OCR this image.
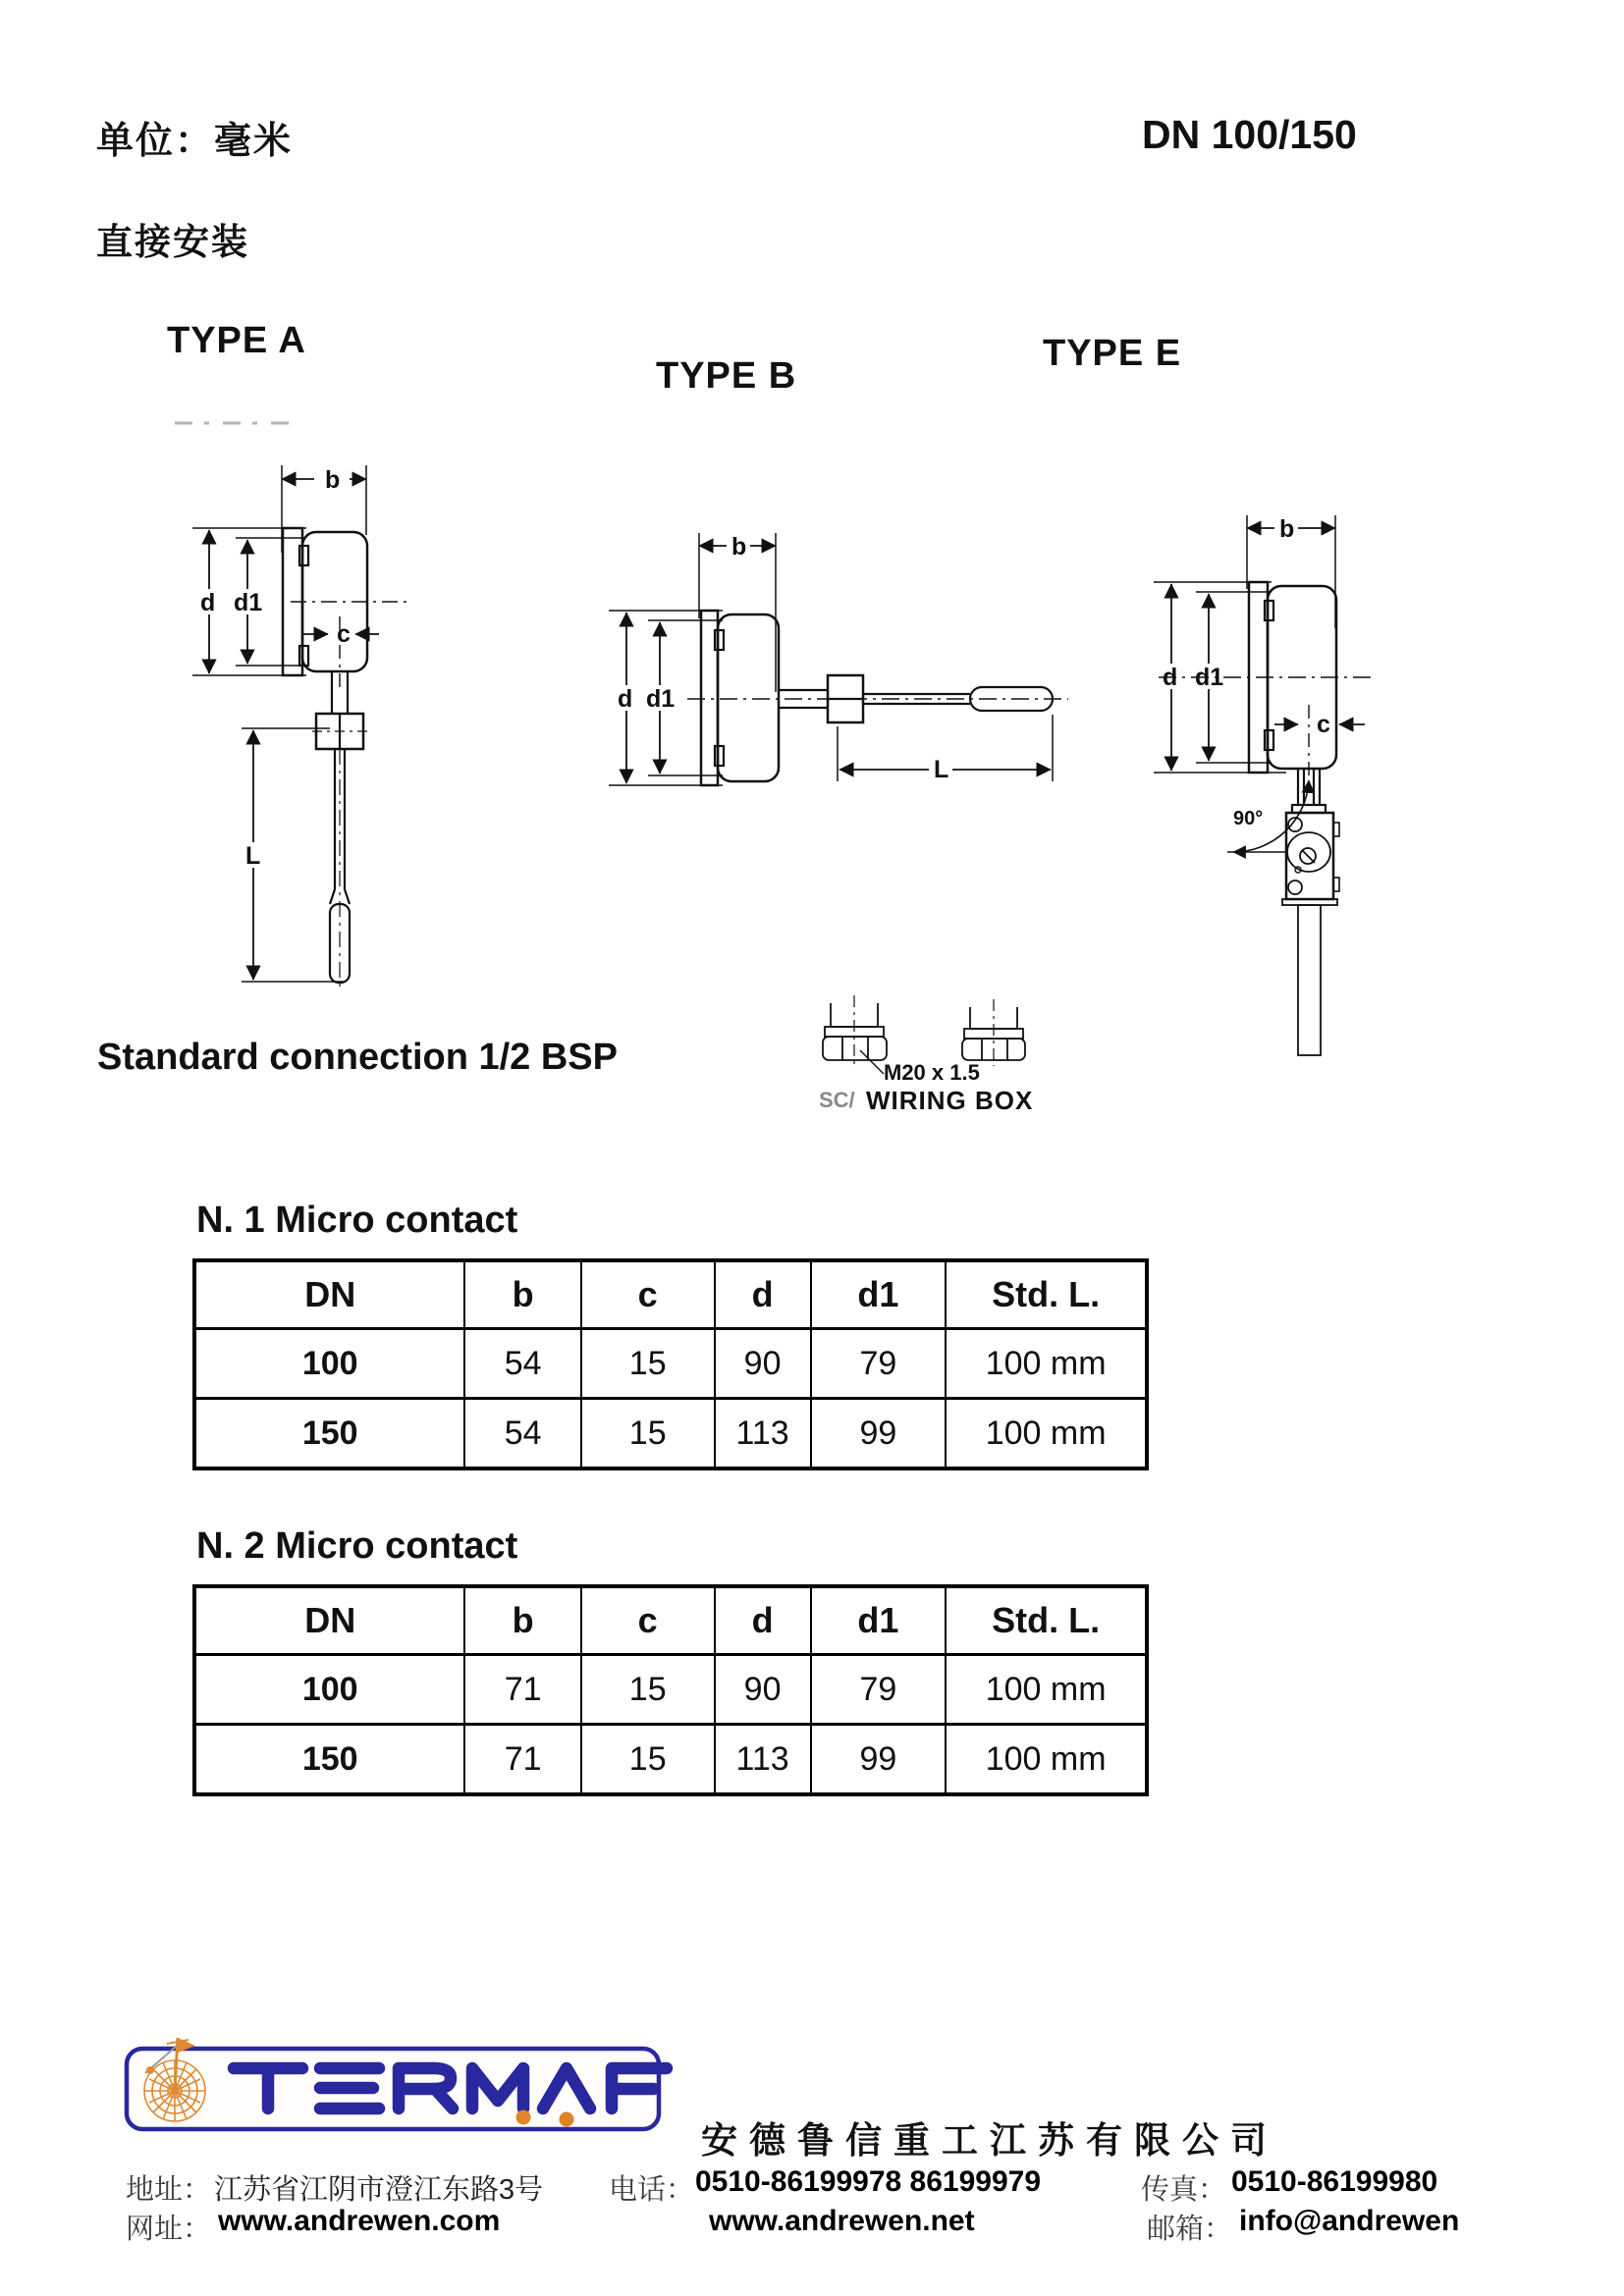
单位：毫米	DN 100/150
直接安装
TYPE A
TYPE B
TYPE E
b
d d1
c
L
b
d d1
L
b
d d1
c
90°
Standard connection 1/2 BSP	M20 x 1.5
SC/ WIRING BOX
N. 1 Micro contact
DN	b	c	d	d1	Std. L.
100	54	15	90	79	100 mm
150	54	15	113	99	100 mm
N. 2 Micro contact
DN	b	c	d	d1	Std. L.
100	71	15	90	79	100 mm
150	71	15	113	99	100 mm
安德鲁信重工江苏有限公司
地址： 江苏省江阴市澄江东路3号 电话： 0510-86199978 86199979	传真： 0510-86199980
网址： www.andrewen.com	www.andrewen.net	邮箱： info@andrewen
